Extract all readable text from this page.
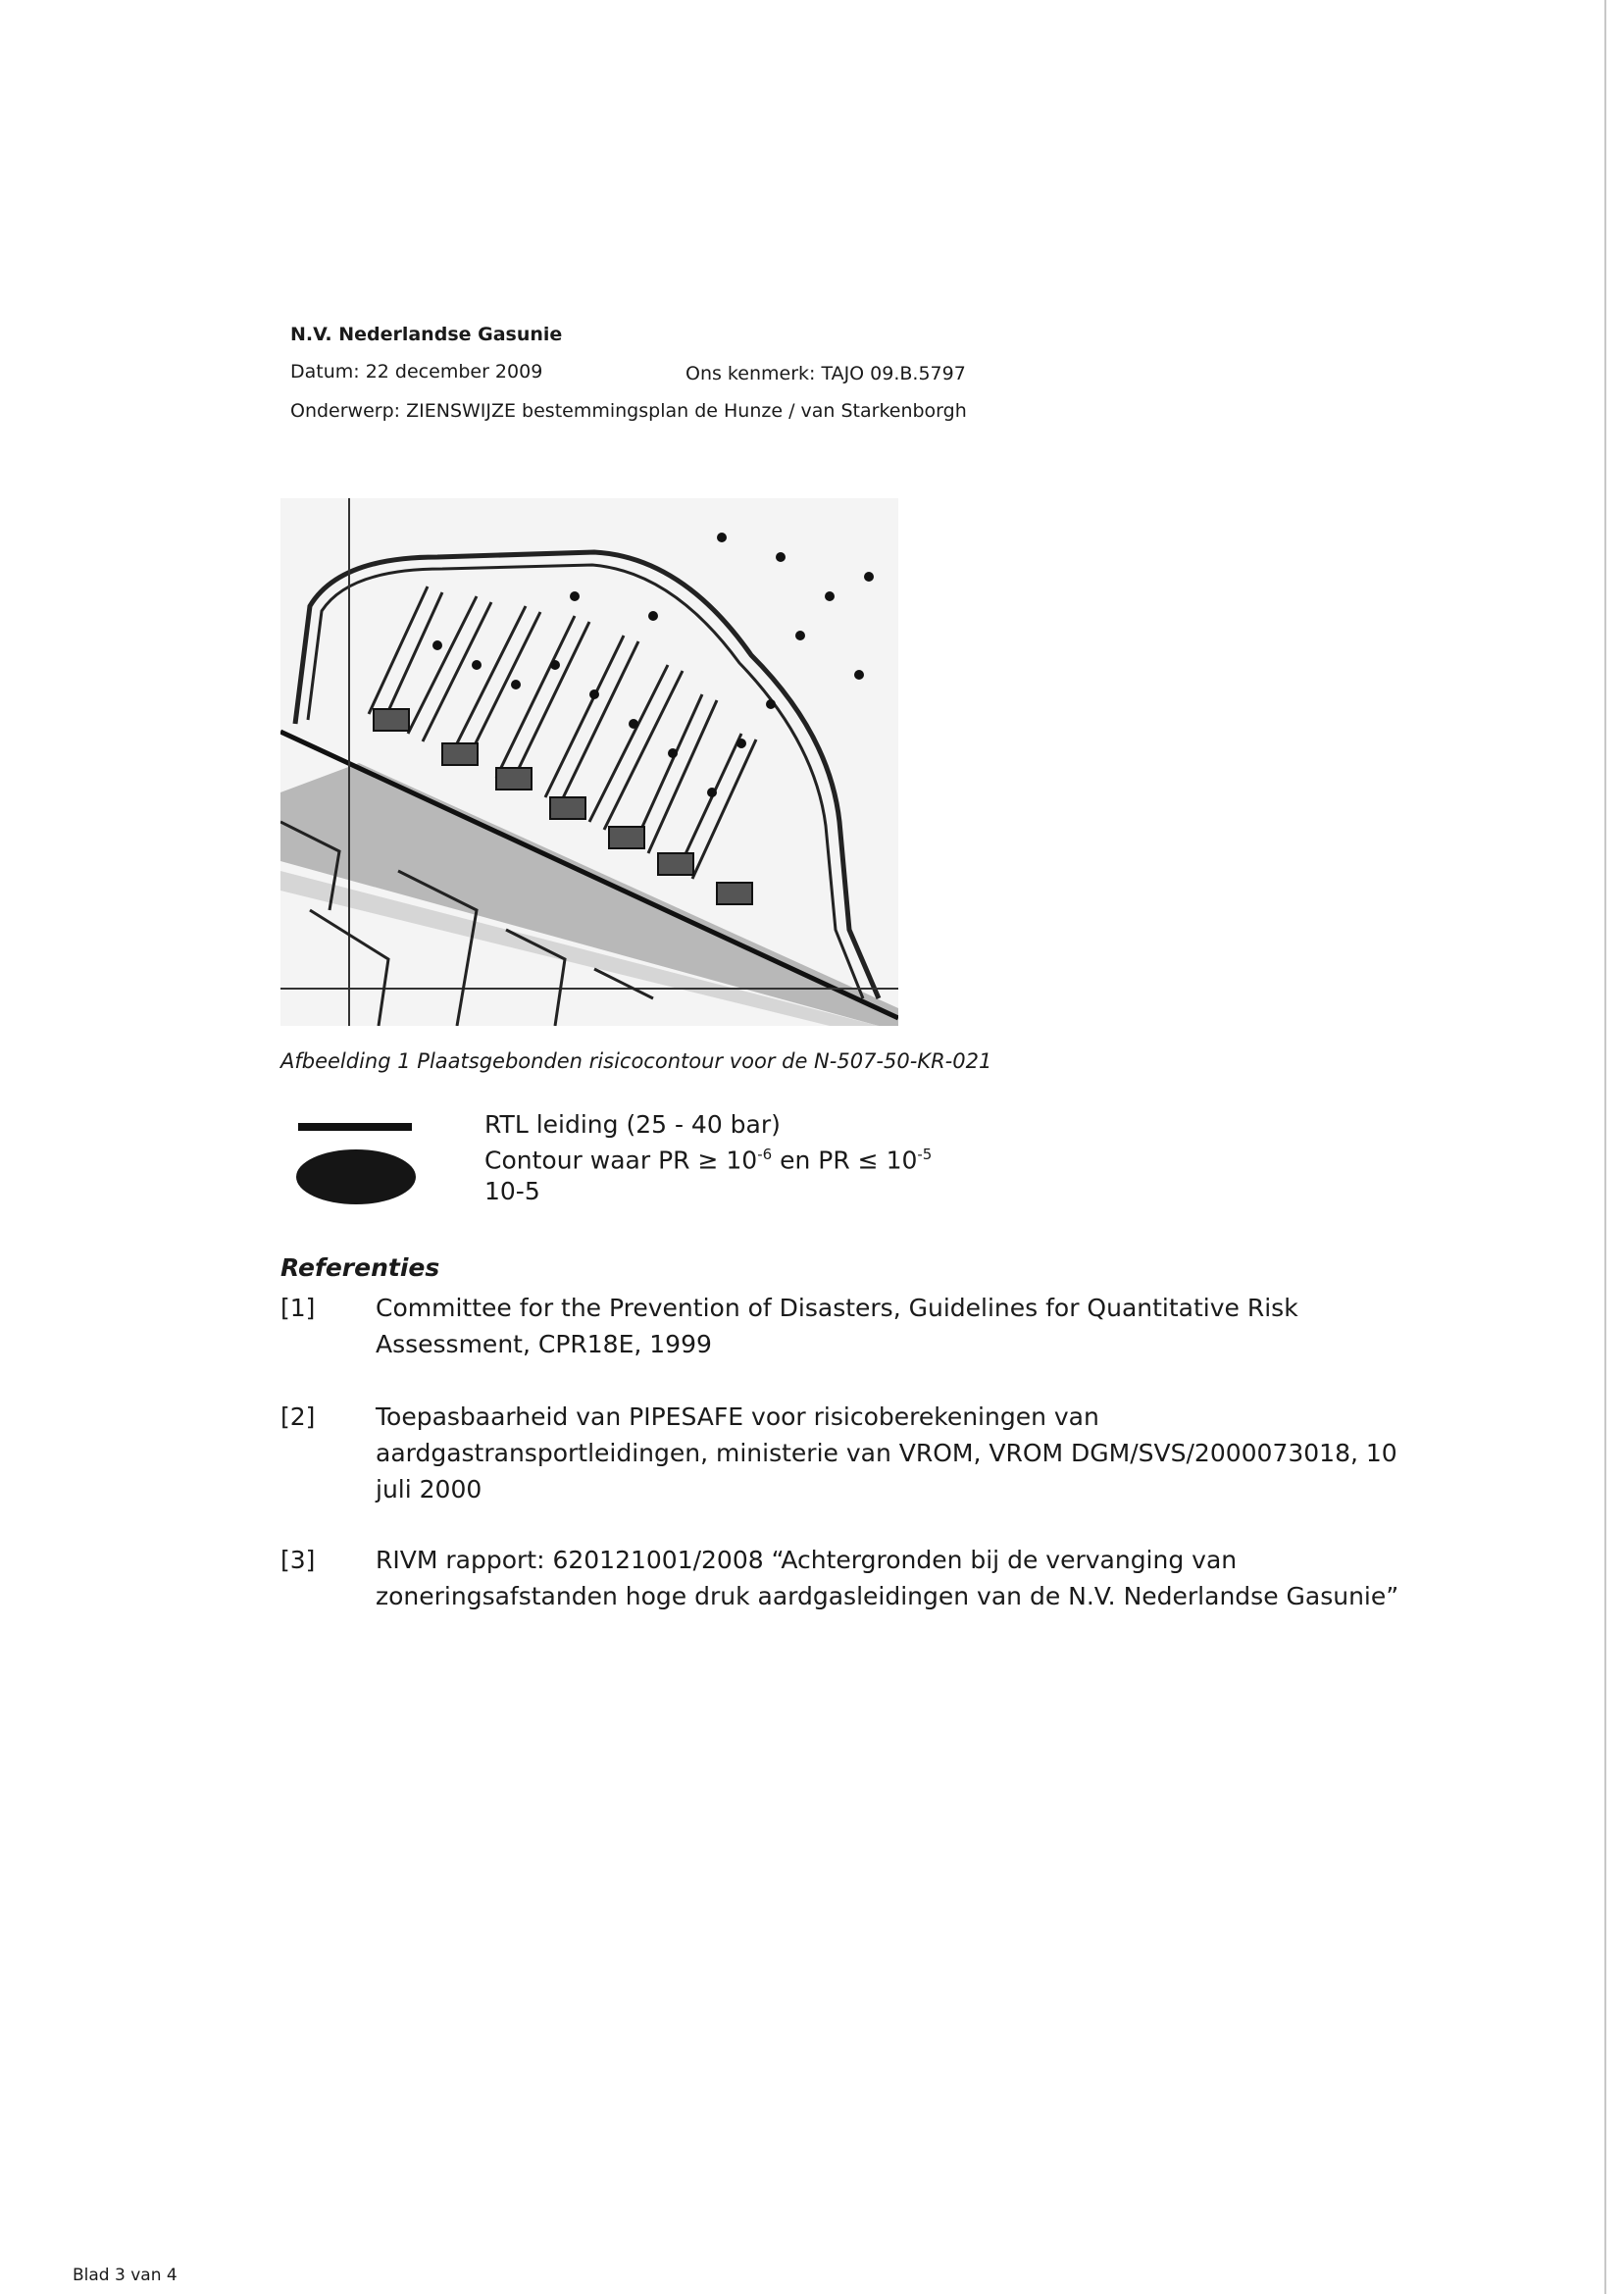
N.V. Nederlandse Gasunie
Datum: 22 december 2009	Ons kenmerk: TAJO 09.B.5797
Onderwerp: ZIENSWIJZE bestemmingsplan de Hunze / van Starkenborgh
Afbeelding 1 Plaatsgebonden risicocontour voor de N-507-50-KR-021
RTL leiding (25 - 40 bar)
Contour waar PR ≥ $10^{-6}$ en PR ≤ $10^{-5}$
10-5
Referenties
[1] Committee for the Prevention of Disasters, Guidelines for Quantitative Risk Assessment, CPR18E, 1999
[2] Toepasbaarheid van PIPESAFE voor risicoberekeningen van aardgastransportleidingen, ministerie van VROM, VROM DGM/SVS/2000073018, 10 juli 2000
[3] RIVM rapport: 620121001/2008 “Achtergronden bij de vervanging van zoneringsafstanden hoge druk aardgasleidingen van de N.V. Nederlandse Gasunie”
Blad 3 van 4
